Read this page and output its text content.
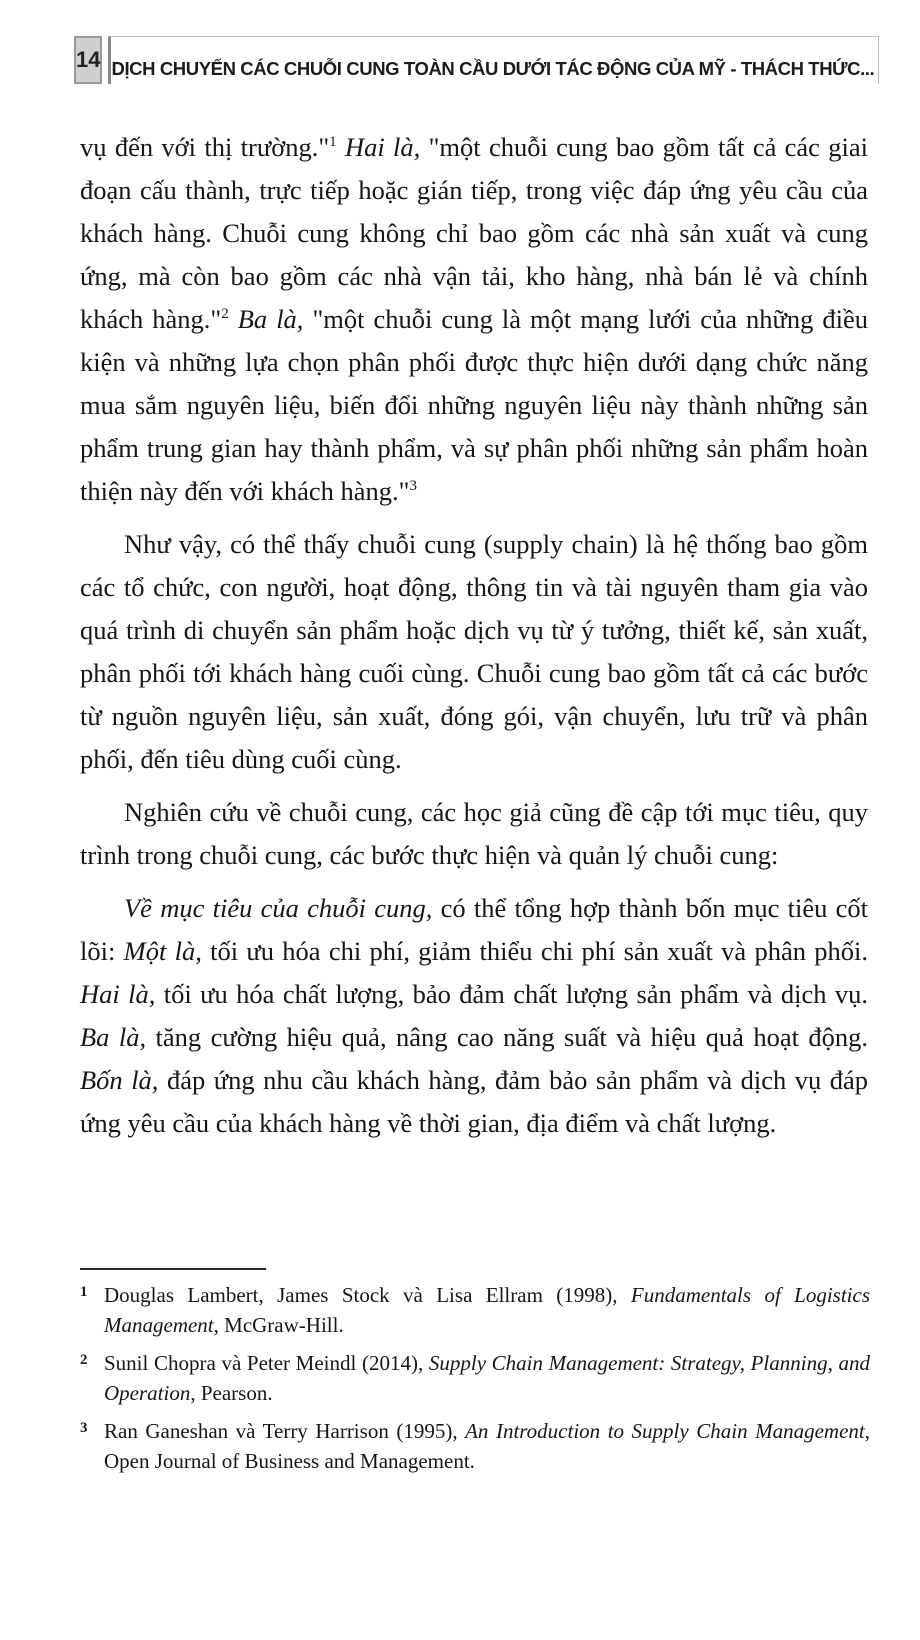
14 DỊCH CHUYỂN CÁC CHUỖI CUNG TOÀN CẦU DƯỚI TÁC ĐỘNG CỦA MỸ - THÁCH THỨC...

vụ đến với thị trường."$^1$ Hai là, "một chuỗi cung bao gồm tất cả các giai đoạn cấu thành, trực tiếp hoặc gián tiếp, trong việc đáp ứng yêu cầu của khách hàng. Chuỗi cung không chỉ bao gồm các nhà sản xuất và cung ứng, mà còn bao gồm các nhà vận tải, kho hàng, nhà bán lẻ và chính khách hàng."$^2$ Ba là, "một chuỗi cung là một mạng lưới của những điều kiện và những lựa chọn phân phối được thực hiện dưới dạng chức năng mua sắm nguyên liệu, biến đổi những nguyên liệu này thành những sản phẩm trung gian hay thành phẩm, và sự phân phối những sản phẩm hoàn thiện này đến với khách hàng."$^3$

Như vậy, có thể thấy chuỗi cung (supply chain) là hệ thống bao gồm các tổ chức, con người, hoạt động, thông tin và tài nguyên tham gia vào quá trình di chuyển sản phẩm hoặc dịch vụ từ ý tưởng, thiết kế, sản xuất, phân phối tới khách hàng cuối cùng. Chuỗi cung bao gồm tất cả các bước từ nguồn nguyên liệu, sản xuất, đóng gói, vận chuyển, lưu trữ và phân phối, đến tiêu dùng cuối cùng.

Nghiên cứu về chuỗi cung, các học giả cũng đề cập tới mục tiêu, quy trình trong chuỗi cung, các bước thực hiện và quản lý chuỗi cung:

Về mục tiêu của chuỗi cung, có thể tổng hợp thành bốn mục tiêu cốt lõi: Một là, tối ưu hóa chi phí, giảm thiểu chi phí sản xuất và phân phối. Hai là, tối ưu hóa chất lượng, bảo đảm chất lượng sản phẩm và dịch vụ. Ba là, tăng cường hiệu quả, nâng cao năng suất và hiệu quả hoạt động. Bốn là, đáp ứng nhu cầu khách hàng, đảm bảo sản phẩm và dịch vụ đáp ứng yêu cầu của khách hàng về thời gian, địa điểm và chất lượng.

1 Douglas Lambert, James Stock và Lisa Ellram (1998), Fundamentals of Logistics Management, McGraw-Hill.
2 Sunil Chopra và Peter Meindl (2014), Supply Chain Management: Strategy, Planning, and Operation, Pearson.
3 Ran Ganeshan và Terry Harrison (1995), An Introduction to Supply Chain Management, Open Journal of Business and Management.
